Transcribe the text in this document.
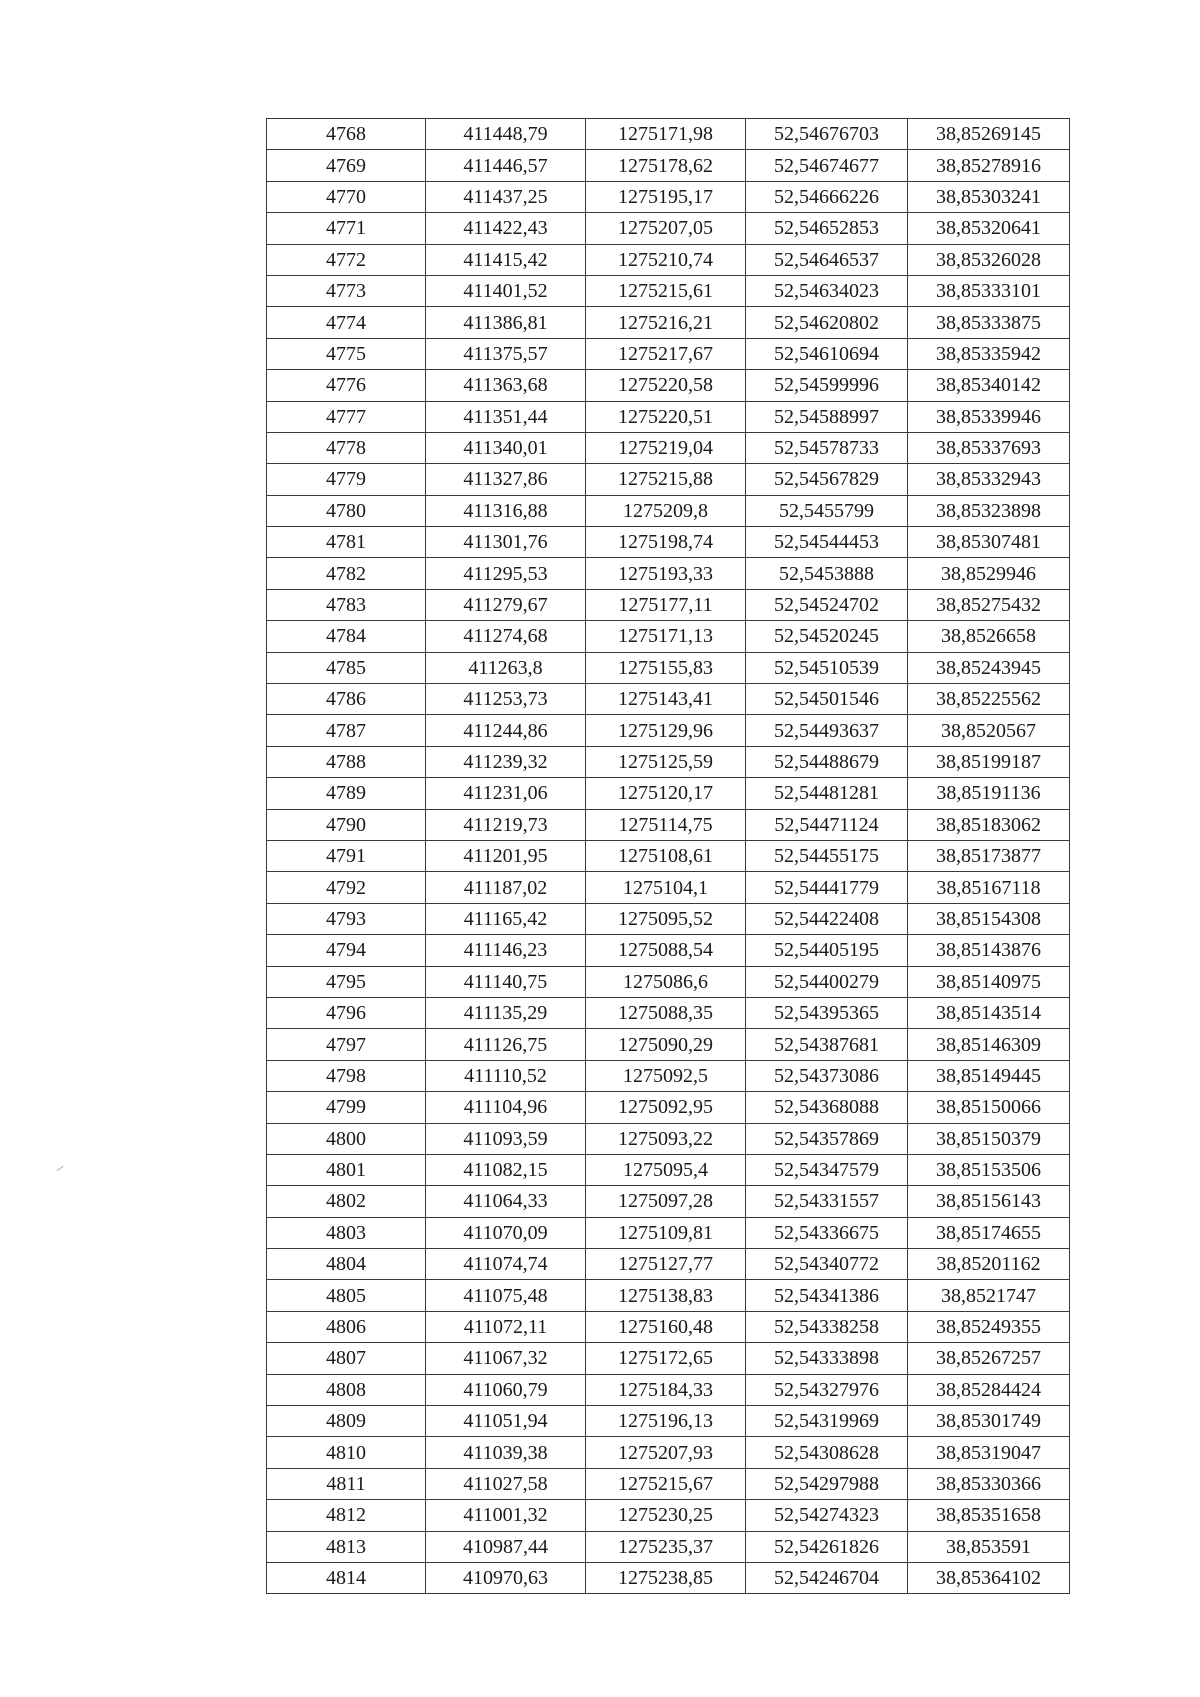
4768	411448,79	1275171,98	52,54676703	38,85269145
4769	411446,57	1275178,62	52,54674677	38,85278916
4770	411437,25	1275195,17	52,54666226	38,85303241
4771	411422,43	1275207,05	52,54652853	38,85320641
4772	411415,42	1275210,74	52,54646537	38,85326028
4773	411401,52	1275215,61	52,54634023	38,85333101
4774	411386,81	1275216,21	52,54620802	38,85333875
4775	411375,57	1275217,67	52,54610694	38,85335942
4776	411363,68	1275220,58	52,54599996	38,85340142
4777	411351,44	1275220,51	52,54588997	38,85339946
4778	411340,01	1275219,04	52,54578733	38,85337693
4779	411327,86	1275215,88	52,54567829	38,85332943
4780	411316,88	1275209,8	52,5455799	38,85323898
4781	411301,76	1275198,74	52,54544453	38,85307481
4782	411295,53	1275193,33	52,5453888	38,8529946
4783	411279,67	1275177,11	52,54524702	38,85275432
4784	411274,68	1275171,13	52,54520245	38,8526658
4785	411263,8	1275155,83	52,54510539	38,85243945
4786	411253,73	1275143,41	52,54501546	38,85225562
4787	411244,86	1275129,96	52,54493637	38,8520567
4788	411239,32	1275125,59	52,54488679	38,85199187
4789	411231,06	1275120,17	52,54481281	38,85191136
4790	411219,73	1275114,75	52,54471124	38,85183062
4791	411201,95	1275108,61	52,54455175	38,85173877
4792	411187,02	1275104,1	52,54441779	38,85167118
4793	411165,42	1275095,52	52,54422408	38,85154308
4794	411146,23	1275088,54	52,54405195	38,85143876
4795	411140,75	1275086,6	52,54400279	38,85140975
4796	411135,29	1275088,35	52,54395365	38,85143514
4797	411126,75	1275090,29	52,54387681	38,85146309
4798	411110,52	1275092,5	52,54373086	38,85149445
4799	411104,96	1275092,95	52,54368088	38,85150066
4800	411093,59	1275093,22	52,54357869	38,85150379
4801	411082,15	1275095,4	52,54347579	38,85153506
4802	411064,33	1275097,28	52,54331557	38,85156143
4803	411070,09	1275109,81	52,54336675	38,85174655
4804	411074,74	1275127,77	52,54340772	38,85201162
4805	411075,48	1275138,83	52,54341386	38,8521747
4806	411072,11	1275160,48	52,54338258	38,85249355
4807	411067,32	1275172,65	52,54333898	38,85267257
4808	411060,79	1275184,33	52,54327976	38,85284424
4809	411051,94	1275196,13	52,54319969	38,85301749
4810	411039,38	1275207,93	52,54308628	38,85319047
4811	411027,58	1275215,67	52,54297988	38,85330366
4812	411001,32	1275230,25	52,54274323	38,85351658
4813	410987,44	1275235,37	52,54261826	38,853591
4814	410970,63	1275238,85	52,54246704	38,85364102
